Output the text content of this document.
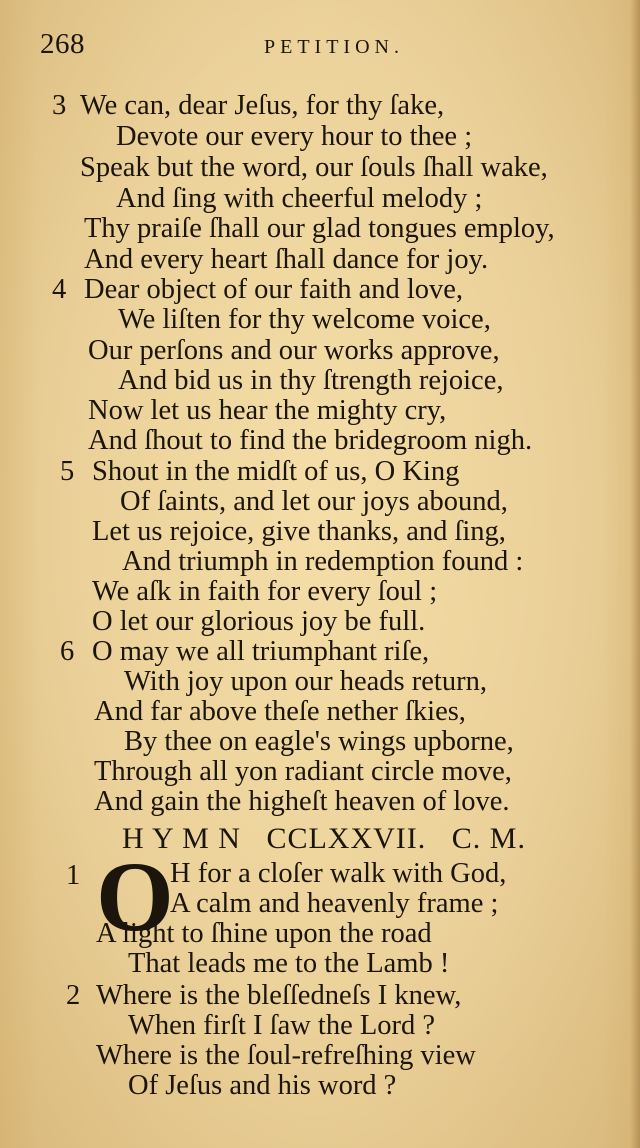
268	PETITION.
3 We can, dear Jeſus, for thy ſake,
Devote our every hour to thee ;
Speak but the word, our ſouls ſhall wake,
And ſing with cheerful melody ;
Thy praiſe ſhall our glad tongues employ,
And every heart ſhall dance for joy.
4 Dear object of our faith and love,
We liſten for thy welcome voice,
Our perſons and our works approve,
And bid us in thy ſtrength rejoice,
Now let us hear the mighty cry,
And ſhout to find the bridegroom nigh.
5 Shout in the midſt of us, O King
Of ſaints, and let our joys abound,
Let us rejoice, give thanks, and ſing,
And triumph in redemption found :
We aſk in faith for every ſoul ;
O let our glorious joy be full.
6 O may we all triumphant riſe,
With joy upon our heads return,
And far above theſe nether ſkies,
By thee on eagle's wings upborne,
Through all yon radiant circle move,
And gain the higheſt heaven of love.
H Y M N   CCLXXVII.   C. M.
1 O
H for a cloſer walk with God,
A calm and heavenly frame ;
A light to ſhine upon the road
That leads me to the Lamb !
2 Where is the bleſſedneſs I knew,
When firſt I ſaw the Lord ?
Where is the ſoul-refreſhing view
Of Jeſus and his word ?
